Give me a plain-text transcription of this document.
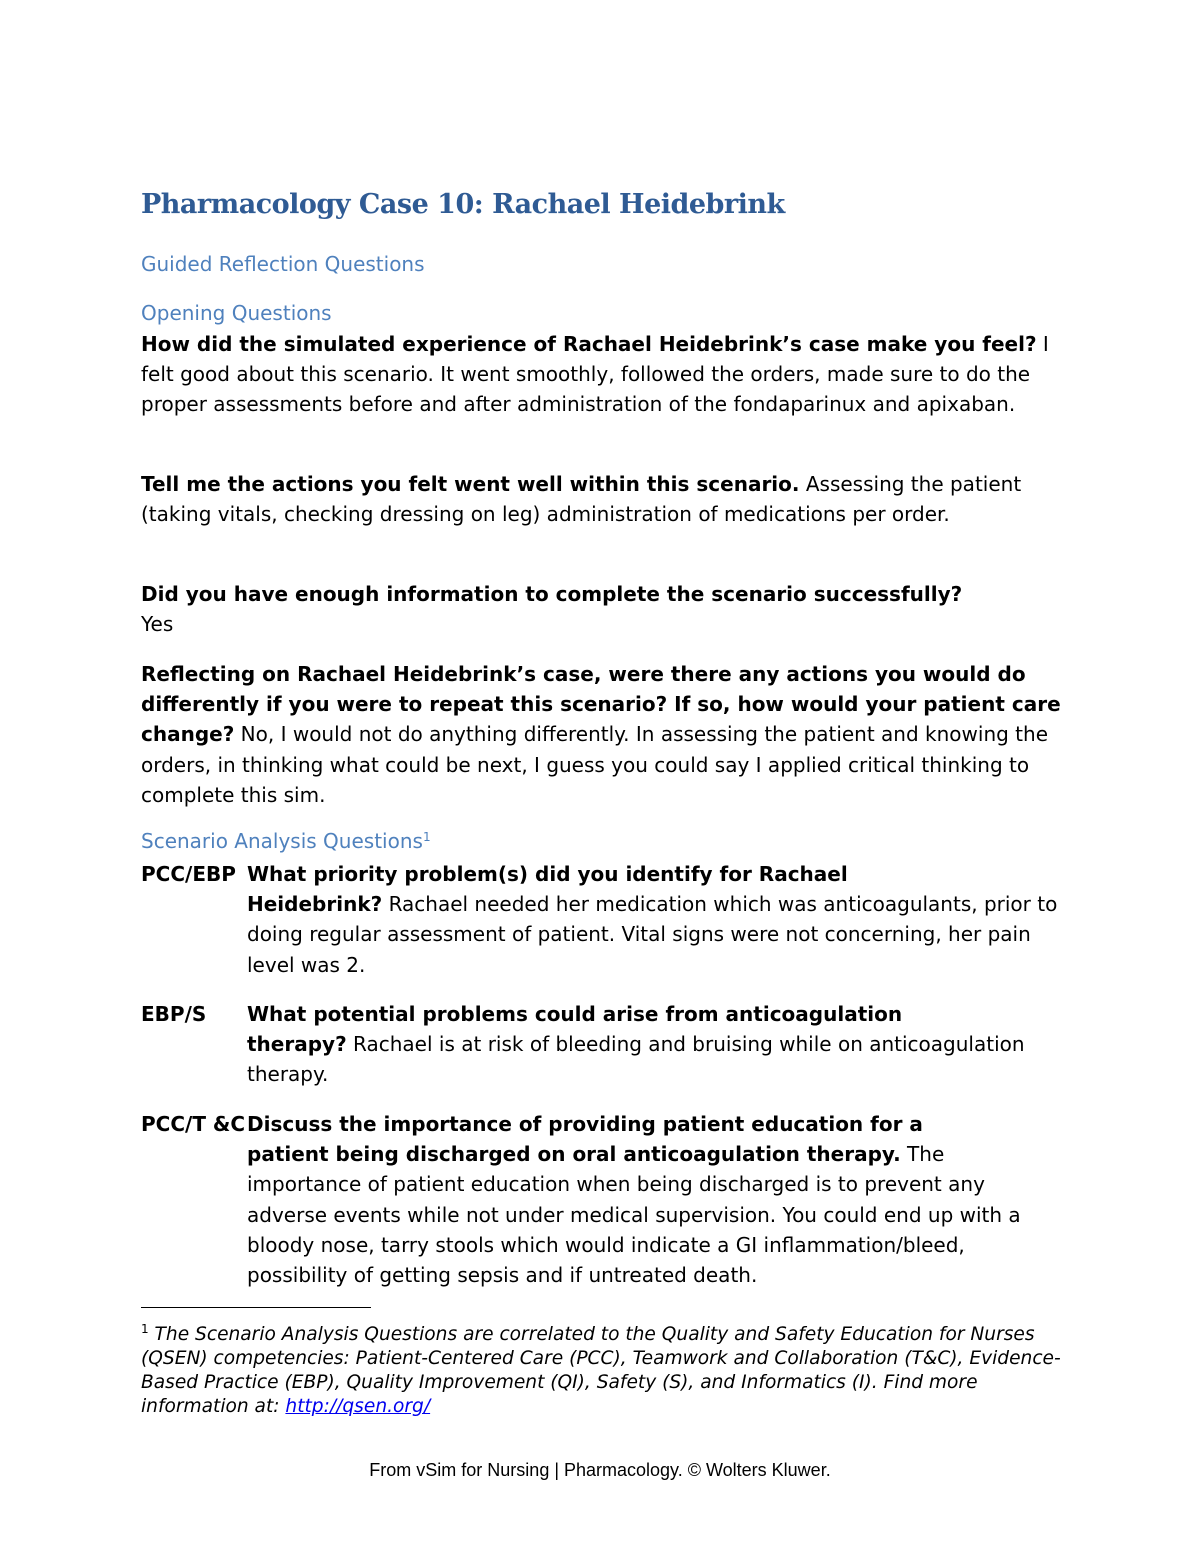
Pharmacology Case 10: Rachael Heidebrink
Guided Reflection Questions
Opening Questions

How did the simulated experience of Rachael Heidebrink’s case make you feel? I felt good about this scenario. It went smoothly, followed the orders, made sure to do the proper assessments before and after administration of the fondaparinux and apixaban.

Tell me the actions you felt went well within this scenario. Assessing the patient (taking vitals, checking dressing on leg) administration of medications per order.

Did you have enough information to complete the scenario successfully?
Yes

Reflecting on Rachael Heidebrink’s case, were there any actions you would do differently if you were to repeat this scenario? If so, how would your patient care change? No, I would not do anything differently. In assessing the patient and knowing the orders, in thinking what could be next, I guess you could say I applied critical thinking to complete this sim.

Scenario Analysis Questions$^1$
PCC/EBP What priority problem(s) did you identify for Rachael
Heidebrink? Rachael needed her medication which was anticoagulants, prior to doing regular assessment of patient. Vital signs were not concerning, her pain level was 2.
EBP/S What potential problems could arise from anticoagulation
therapy? Rachael is at risk of bleeding and bruising while on anticoagulation therapy.
PCC/T &C Discuss the importance of providing patient education for a
patient being discharged on oral anticoagulation therapy. The importance of patient education when being discharged is to prevent any adverse events while not under medical supervision. You could end up with a bloody nose, tarry stools which would indicate a GI inflammation/bleed, possibility of getting sepsis and if untreated death.

$^1$ The Scenario Analysis Questions are correlated to the Quality and Safety Education for Nurses (QSEN) competencies: Patient-Centered Care (PCC), Teamwork and Collaboration (T&C), Evidence-Based Practice (EBP), Quality Improvement (QI), Safety (S), and Informatics (I). Find more information at: http://qsen.org/

From vSim for Nursing | Pharmacology. © Wolters Kluwer.
